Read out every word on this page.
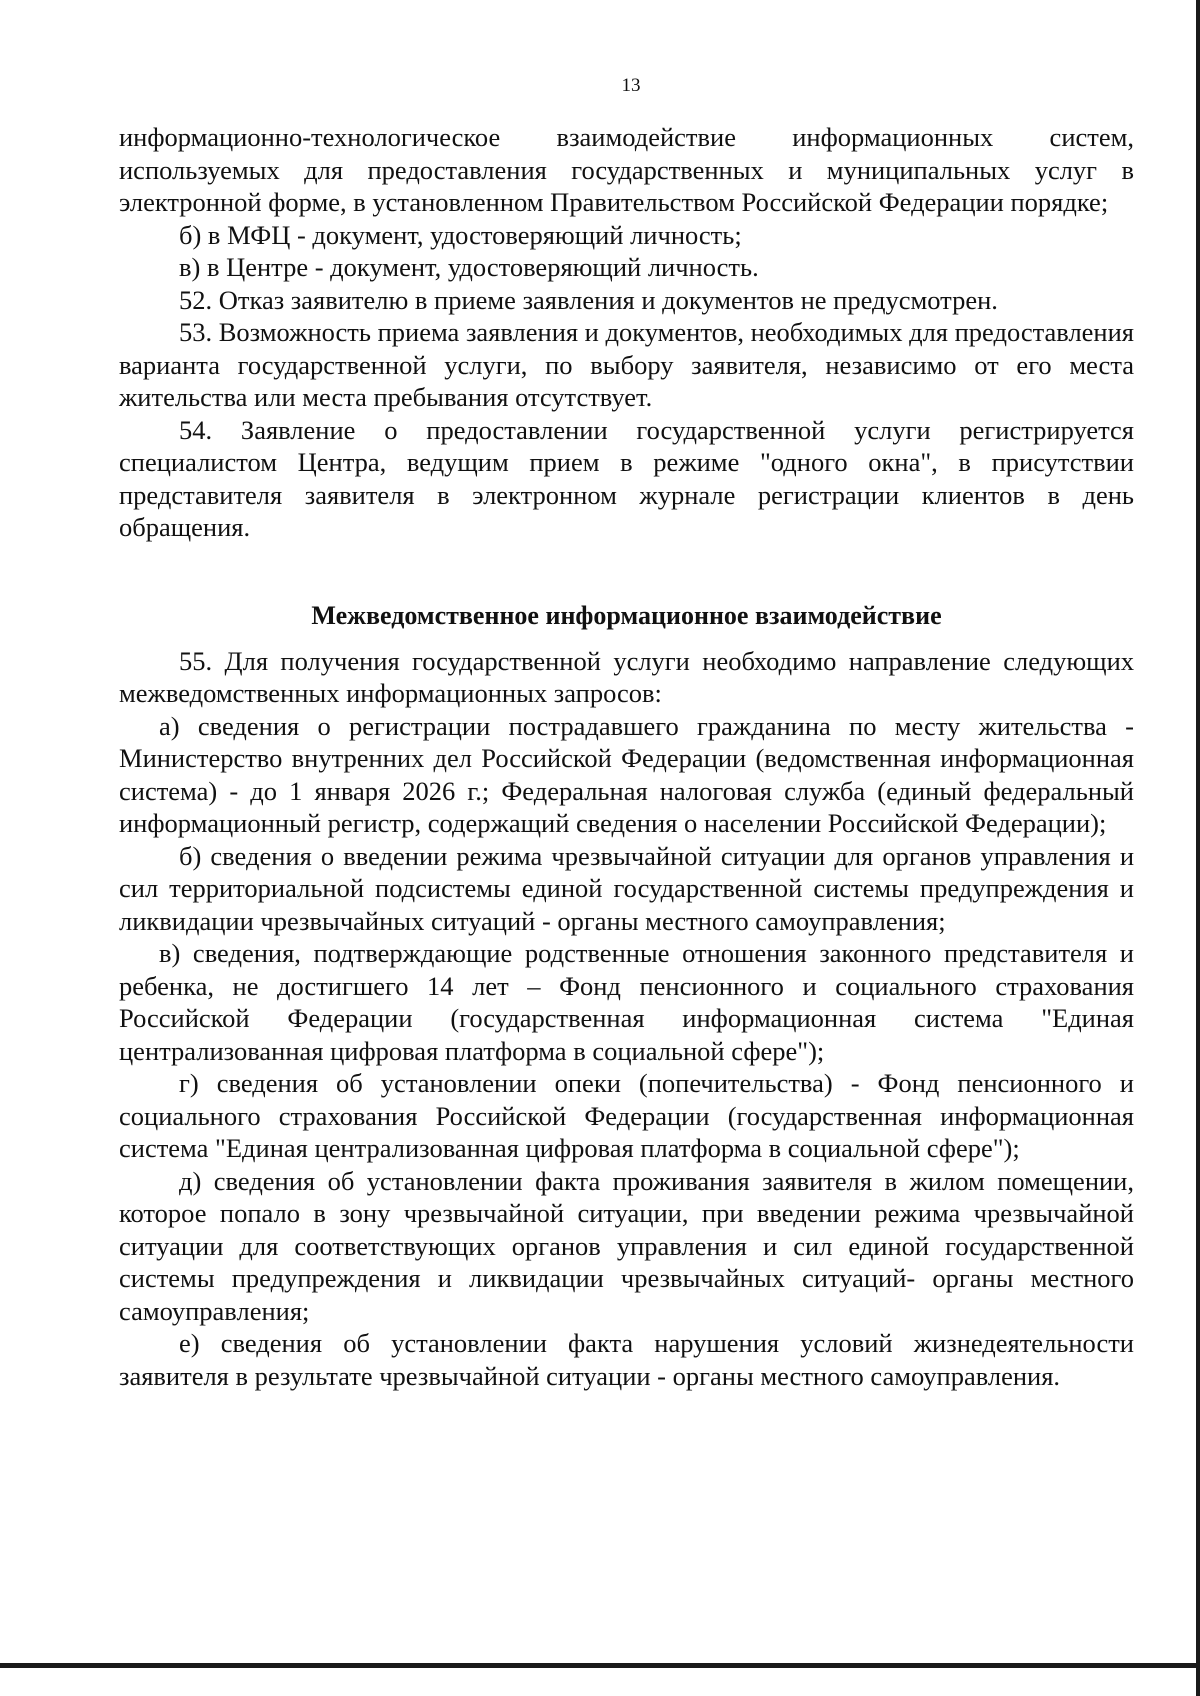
13

информационно-технологическое взаимодействие информационных систем, используемых для предоставления государственных и муниципальных услуг в электронной форме, в установленном Правительством Российской Федерации порядке;

б) в МФЦ - документ, удостоверяющий личность;

в) в Центре - документ, удостоверяющий личность.

52. Отказ заявителю в приеме заявления и документов не предусмотрен.

53. Возможность приема заявления и документов, необходимых для предоставления варианта государственной услуги, по выбору заявителя, независимо от его места жительства или места пребывания отсутствует.

54. Заявление о предоставлении государственной услуги регистрируется специалистом Центра, ведущим прием в режиме "одного окна", в присутствии представителя заявителя в электронном журнале регистрации клиентов в день обращения.

Межведомственное информационное взаимодействие

55. Для получения государственной услуги необходимо направление следующих межведомственных информационных запросов:

а) сведения о регистрации пострадавшего гражданина по месту жительства - Министерство внутренних дел Российской Федерации (ведомственная информационная система) - до 1 января 2026 г.; Федеральная налоговая служба (единый федеральный информационный регистр, содержащий сведения о населении Российской Федерации);

б) сведения о введении режима чрезвычайной ситуации для органов управления и сил территориальной подсистемы единой государственной системы предупреждения и ликвидации чрезвычайных ситуаций - органы местного самоуправления;

в) сведения, подтверждающие родственные отношения законного представителя и ребенка, не достигшего 14 лет – Фонд пенсионного и социального страхования Российской Федерации (государственная информационная система "Единая централизованная цифровая платформа в социальной сфере");

г) сведения об установлении опеки (попечительства) - Фонд пенсионного и социального страхования Российской Федерации (государственная информационная система "Единая централизованная цифровая платформа в социальной сфере");

д) сведения об установлении факта проживания заявителя в жилом помещении, которое попало в зону чрезвычайной ситуации, при введении режима чрезвычайной ситуации для соответствующих органов управления и сил единой государственной системы предупреждения и ликвидации чрезвычайных ситуаций- органы местного самоуправления;

е) сведения об установлении факта нарушения условий жизнедеятельности заявителя в результате чрезвычайной ситуации - органы местного самоуправления.
